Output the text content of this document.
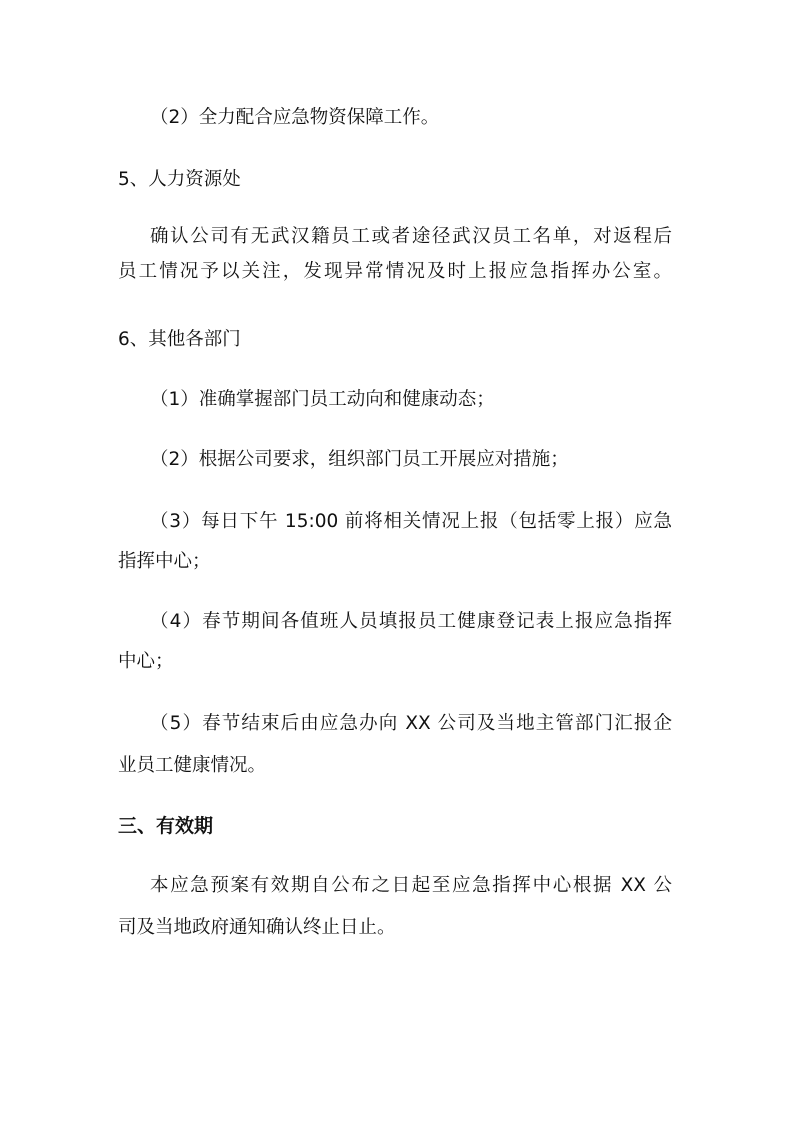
（2）全力配合应急物资保障工作。
5、人力资源处
确认公司有无武汉籍员工或者途径武汉员工名单，对返程后
员工情况予以关注，发现异常情况及时上报应急指挥办公室。
6、其他各部门
（1）准确掌握部门员工动向和健康动态；
（2）根据公司要求，组织部门员工开展应对措施；
（3）每日下午 15:00 前将相关情况上报（包括零上报）应急
指挥中心；
（4）春节期间各值班人员填报员工健康登记表上报应急指挥
中心；
（5）春节结束后由应急办向 XX 公司及当地主管部门汇报企
业员工健康情况。
三、有效期
本应急预案有效期自公布之日起至应急指挥中心根据 XX 公
司及当地政府通知确认终止日止。
